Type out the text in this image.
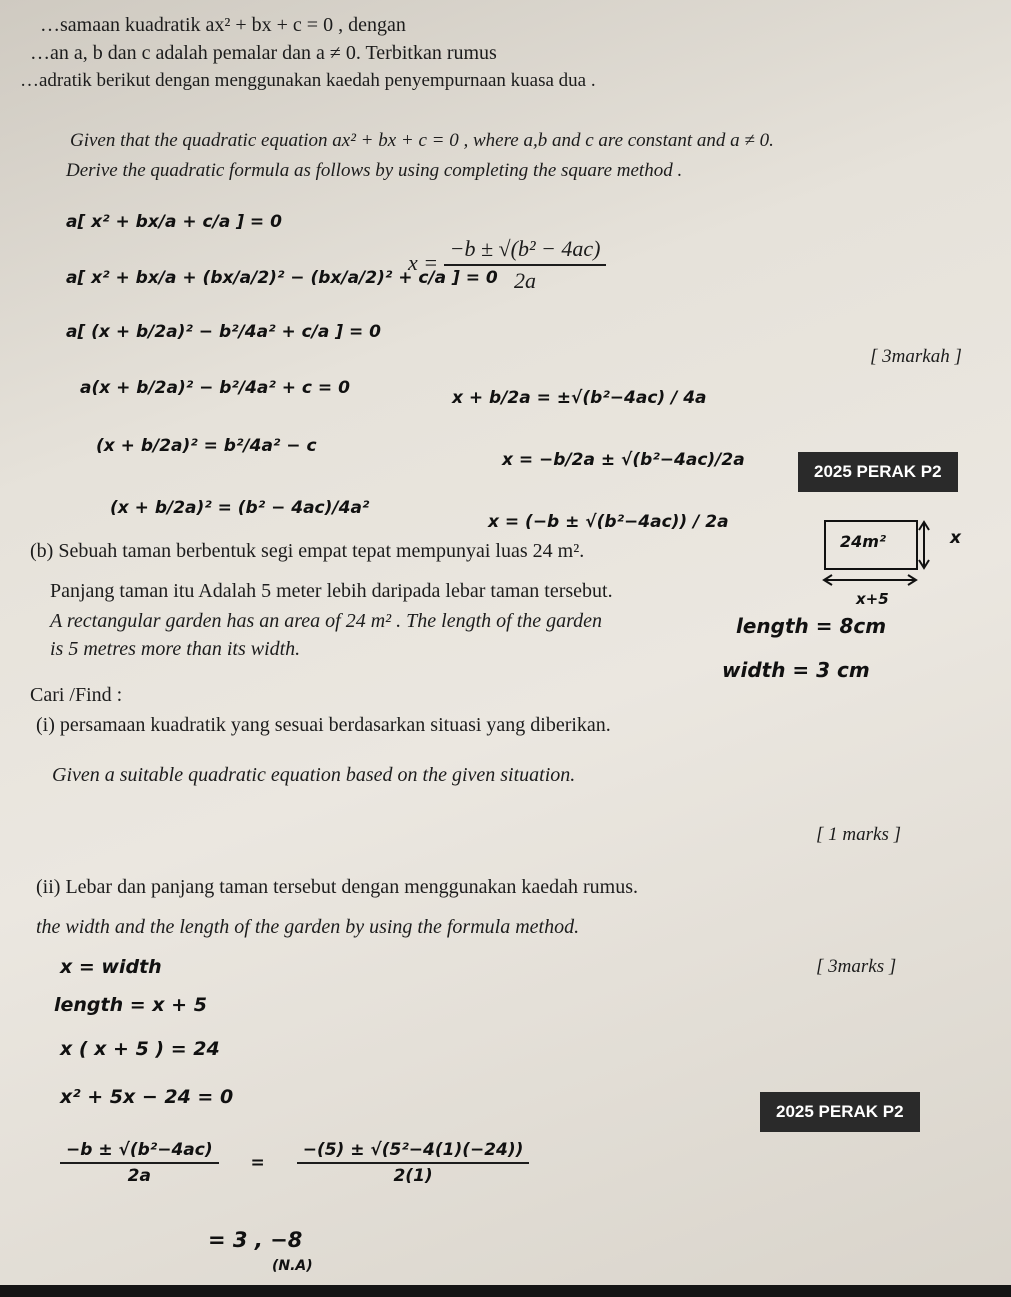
…samaan kuadratik ax² + bx + c = 0 , dengan
…an a, b dan c adalah pemalar dan a ≠ 0. Terbitkan rumus
…adratik berikut dengan menggunakan kaedah penyempurnaan kuasa dua .
Given that the quadratic equation ax² + bx + c = 0 , where a,b and c are constant and a ≠ 0.
Derive the quadratic formula as follows by using completing the square method .
a[ x² + bx/a + c/a ] = 0
a[ x² + bx/a + (bx/a/2)² − (bx/a/2)² + c/a ] = 0
a[ (x + b/2a)² − b²/4a² + c/a ] = 0
a(x + b/2a)² − b²/4a² + c = 0
(x + b/2a)² = b²/4a² − c
(x + b/2a)² = (b² − 4ac)/4a²
$x = \frac{\text{−b ± √(b² − 4ac)}}{2a}$
[ 3markah ]
x + b/2a = ±√(b²−4ac) / 4a
x = −b/2a ± √(b²−4ac)/2a
x = (−b ± √(b²−4ac)) / 2a
2025 PERAK P2
(b) Sebuah taman berbentuk segi empat tepat mempunyai luas 24 m².
Panjang taman itu Adalah 5 meter lebih daripada lebar taman tersebut.
A rectangular garden has an area of 24 m² . The length of the garden
is 5 metres more than its width.
24m²	x
x+5
length = 8cm
width = 3 cm
Cari /Find :
(i) persamaan kuadratik yang sesuai berdasarkan situasi yang diberikan.
Given a suitable quadratic equation based on the given situation.
[ 1 marks ]
(ii) Lebar dan panjang taman tersebut dengan menggunakan kaedah rumus.
the width and the length of the garden by using the formula method.
[ 3marks ]
x = width
length = x + 5
x ( x + 5 ) = 24
x² + 5x − 24 = 0
2025 PERAK P2
$\frac{\text{−b ± √(b²−4ac)}}{2a} = \frac{\text{−(5) ± √(5²−4(1)(−24))}}{2(1)}$
= 3 , −8
(N.A)
